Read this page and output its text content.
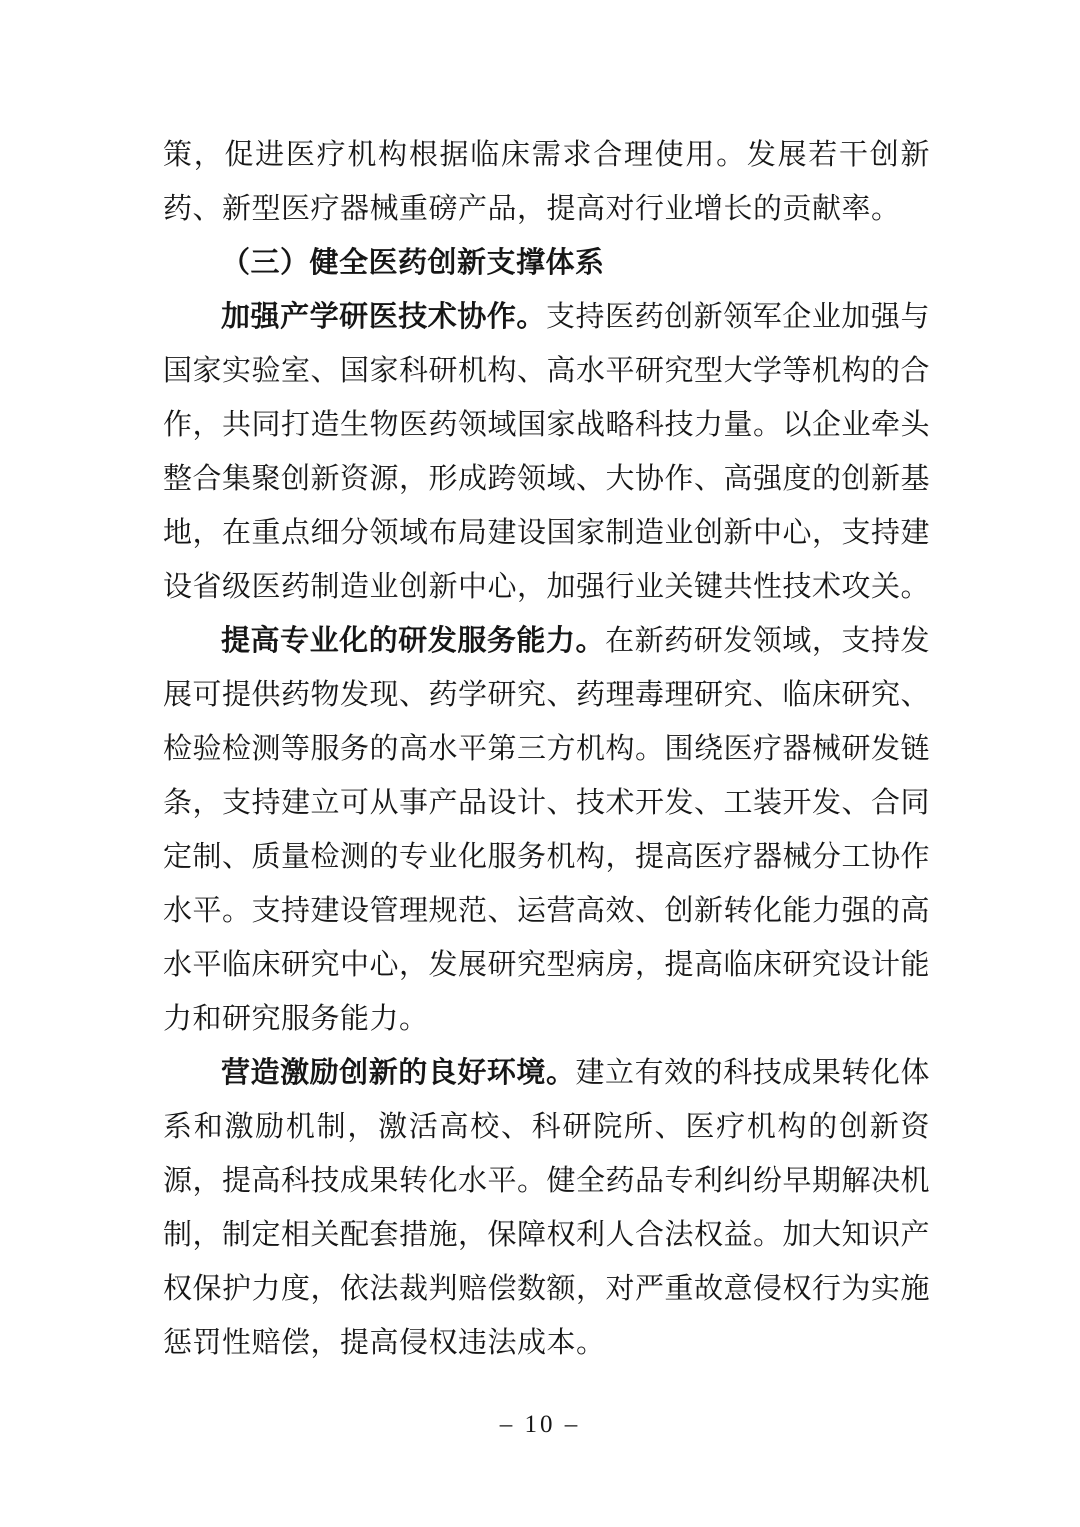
策，促进医疗机构根据临床需求合理使用。发展若干创新药、新型医疗器械重磅产品，提高对行业增长的贡献率。

（三）健全医药创新支撑体系

加强产学研医技术协作。支持医药创新领军企业加强与国家实验室、国家科研机构、高水平研究型大学等机构的合作，共同打造生物医药领域国家战略科技力量。以企业牵头整合集聚创新资源，形成跨领域、大协作、高强度的创新基地，在重点细分领域布局建设国家制造业创新中心，支持建设省级医药制造业创新中心，加强行业关键共性技术攻关。

提高专业化的研发服务能力。在新药研发领域，支持发展可提供药物发现、药学研究、药理毒理研究、临床研究、检验检测等服务的高水平第三方机构。围绕医疗器械研发链条，支持建立可从事产品设计、技术开发、工装开发、合同定制、质量检测的专业化服务机构，提高医疗器械分工协作水平。支持建设管理规范、运营高效、创新转化能力强的高水平临床研究中心，发展研究型病房，提高临床研究设计能力和研究服务能力。

营造激励创新的良好环境。建立有效的科技成果转化体系和激励机制，激活高校、科研院所、医疗机构的创新资源，提高科技成果转化水平。健全药品专利纠纷早期解决机制，制定相关配套措施，保障权利人合法权益。加大知识产权保护力度，依法裁判赔偿数额，对严重故意侵权行为实施惩罚性赔偿，提高侵权违法成本。

– 10 –
